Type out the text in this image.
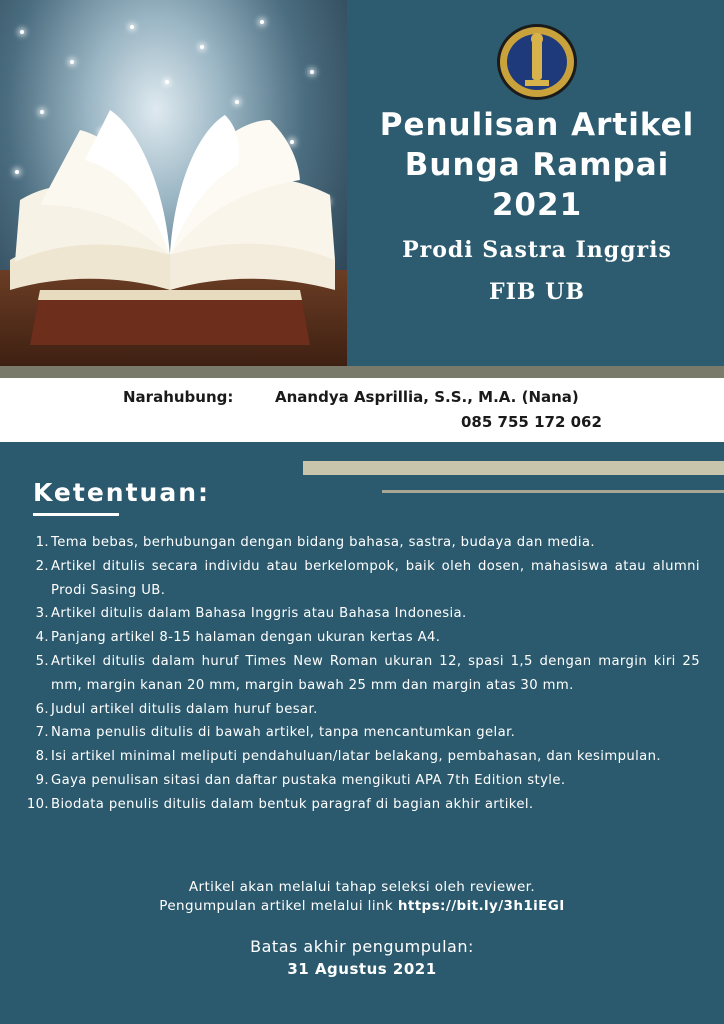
Penulisan Artikel
Bunga Rampai
2021
Prodi Sastra Inggris
FIB UB
Narahubung:	Anandya Asprillia, S.S., M.A. (Nana)
085 755 172 062
Ketentuan:
1. Tema bebas, berhubungan dengan bidang bahasa, sastra, budaya dan media.
2. Artikel ditulis secara individu atau berkelompok, baik oleh dosen, mahasiswa atau alumni Prodi Sasing UB.
3. Artikel ditulis dalam Bahasa Inggris atau Bahasa Indonesia.
4. Panjang artikel 8-15 halaman dengan ukuran kertas A4.
5. Artikel ditulis dalam huruf Times New Roman ukuran 12, spasi 1,5 dengan margin kiri 25 mm, margin kanan 20 mm, margin bawah 25 mm dan margin atas 30 mm.
6. Judul artikel ditulis dalam huruf besar.
7. Nama penulis ditulis di bawah artikel, tanpa mencantumkan gelar.
8. Isi artikel minimal meliputi pendahuluan/latar belakang, pembahasan, dan kesimpulan.
9. Gaya penulisan sitasi dan daftar pustaka mengikuti APA 7th Edition style.
10. Biodata penulis ditulis dalam bentuk paragraf di bagian akhir artikel.
Artikel akan melalui tahap seleksi oleh reviewer.
Pengumpulan artikel melalui link https://bit.ly/3h1iEGI
Batas akhir pengumpulan:
31 Agustus 2021
